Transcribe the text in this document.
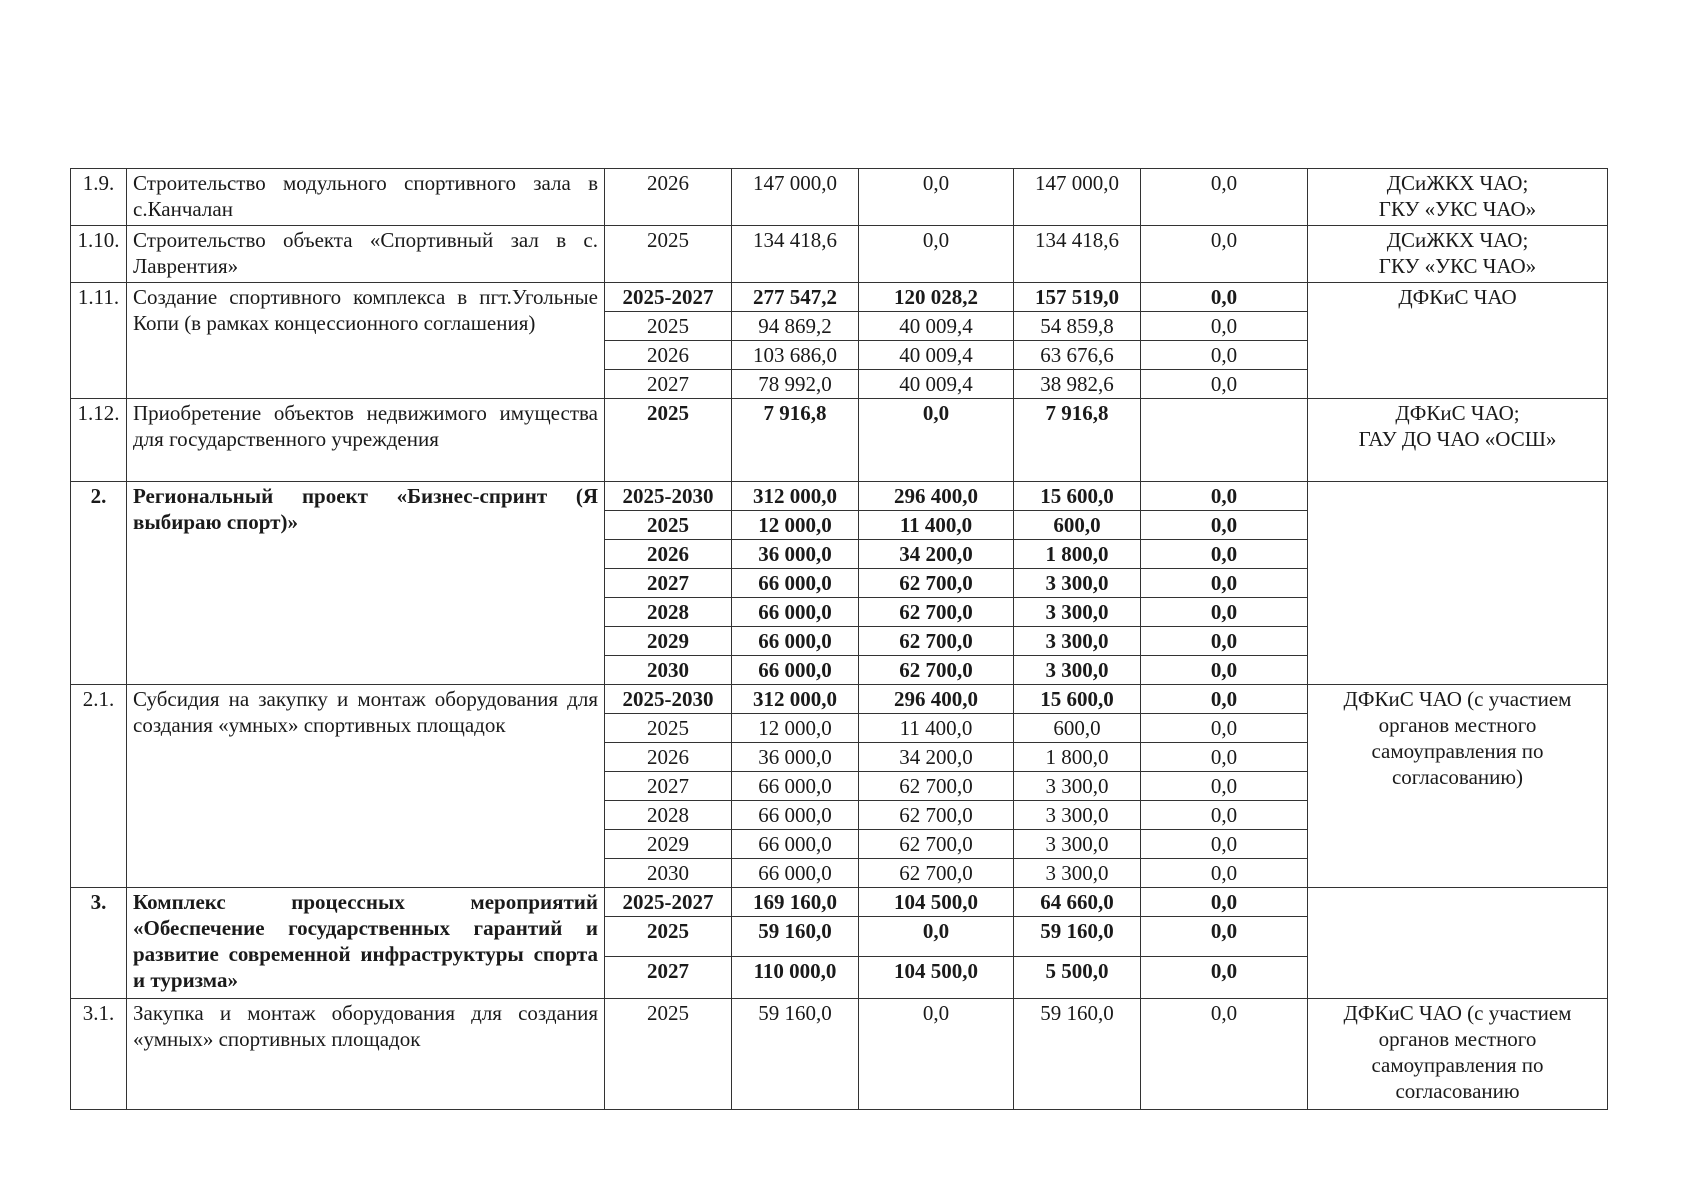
1.9.	Строительство модульного спортивного зала в с.Канчалан	2026	147 000,0	0,0	147 000,0	0,0	ДСиЖКХ ЧАО;
ГКУ «УКС ЧАО»

1.10.	Строительство объекта «Спортивный зал в с. Лаврентия»	2025	134 418,6	0,0	134 418,6	0,0	ДСиЖКХ ЧАО;
ГКУ «УКС ЧАО»

1.11.	Создание спортивного комплекса в пгт.Угольные Копи (в рамках концессионного соглашения)	2025-2027	277 547,2	120 028,2	157 519,0	0,0	ДФКиС ЧАО

		2025	94 869,2	40 009,4	54 859,8	0,0	
		2026	103 686,0	40 009,4	63 676,6	0,0	
		2027	78 992,0	40 009,4	38 982,6	0,0	
1.12.	Приобретение объектов недвижимого имущества для государственного учреждения	2025	7 916,8	0,0	7 916,8		ДФКиС ЧАО;
ГАУ ДО ЧАО «ОСШ»

2.	Региональный проект «Бизнес-спринт (Я выбираю спорт)»	2025-2030	312 000,0	296 400,0	15 600,0	0,0	
		2025	12 000,0	11 400,0	600,0	0,0	
		2026	36 000,0	34 200,0	1 800,0	0,0	
		2027	66 000,0	62 700,0	3 300,0	0,0	
		2028	66 000,0	62 700,0	3 300,0	0,0	
		2029	66 000,0	62 700,0	3 300,0	0,0	
		2030	66 000,0	62 700,0	3 300,0	0,0	
2.1.	Субсидия на закупку и монтаж оборудования для создания «умных» спортивных площадок	2025-2030	312 000,0	296 400,0	15 600,0	0,0	ДФКиС ЧАО (с участием органов местного самоуправления по согласованию)

		2025	12 000,0	11 400,0	600,0	0,0	
		2026	36 000,0	34 200,0	1 800,0	0,0	
		2027	66 000,0	62 700,0	3 300,0	0,0	
		2028	66 000,0	62 700,0	3 300,0	0,0	
		2029	66 000,0	62 700,0	3 300,0	0,0	
		2030	66 000,0	62 700,0	3 300,0	0,0	
3.	Комплекс процессных мероприятий «Обеспечение государственных гарантий и развитие современной инфраструктуры спорта и туризма»	2025-2027	169 160,0	104 500,0	64 660,0	0,0	
		2025	59 160,0	0,0	59 160,0	0,0	
		2027	110 000,0	104 500,0	5 500,0	0,0	
3.1.	Закупка и монтаж оборудования для создания «умных» спортивных площадок	2025	59 160,0	0,0	59 160,0	0,0	ДФКиС ЧАО (с участием органов местного самоуправления по согласованию
